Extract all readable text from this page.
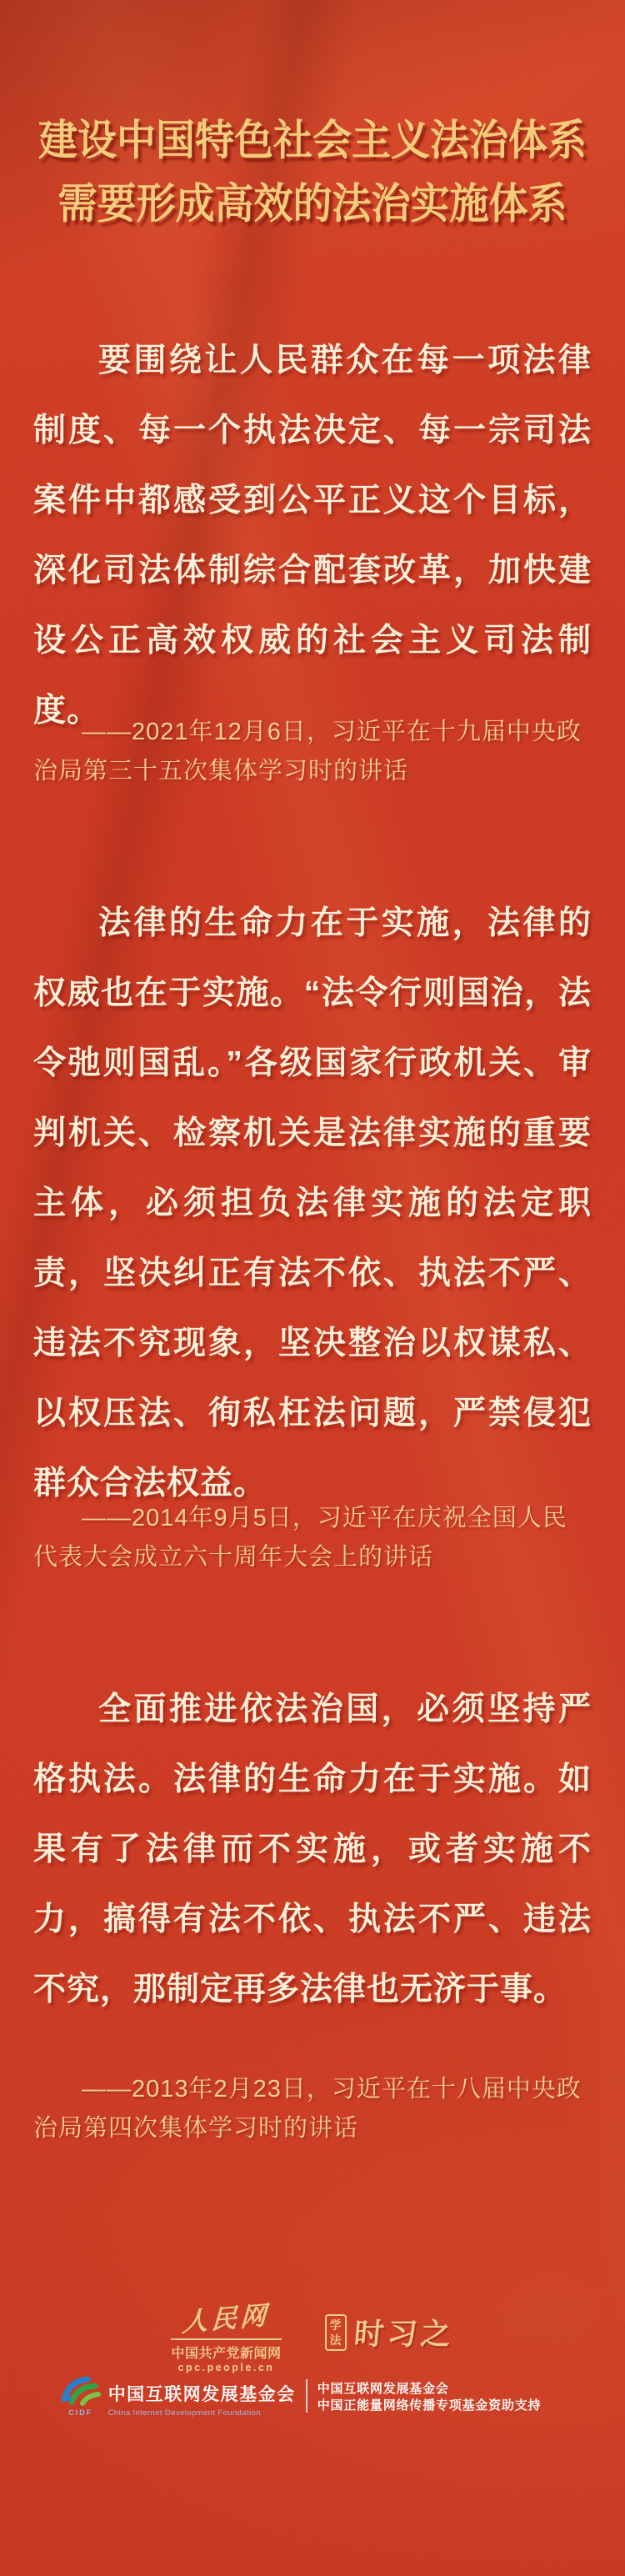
建设中国特色社会主义法治体系
需要形成高效的法治实施体系

要围绕让人民群众在每一项法律制度、每一个执法决定、每一宗司法案件中都感受到公平正义这个目标，深化司法体制综合配套改革，加快建设公正高效权威的社会主义司法制度。

——2021年12月6日，习近平在十九届中央政治局第三十五次集体学习时的讲话

法律的生命力在于实施，法律的权威也在于实施。“法令行则国治，法令弛则国乱。”各级国家行政机关、审判机关、检察机关是法律实施的重要主体，必须担负法律实施的法定职责，坚决纠正有法不依、执法不严、违法不究现象，坚决整治以权谋私、以权压法、徇私枉法问题，严禁侵犯群众合法权益。

——2014年9月5日，习近平在庆祝全国人民代表大会成立六十周年大会上的讲话

全面推进依法治国，必须坚持严格执法。法律的生命力在于实施。如果有了法律而不实施，或者实施不力，搞得有法不依、执法不严、违法不究，那制定再多法律也无济于事。

——2013年2月23日，习近平在十八届中央政治局第四次集体学习时的讲话

人民网
中国共产党新闻网
cpc.people.cn
学
法 时习之
CIDF
中国互联网发展基金会
China Internet Development Foundation
中国互联网发展基金会
中国正能量网络传播专项基金资助支持
